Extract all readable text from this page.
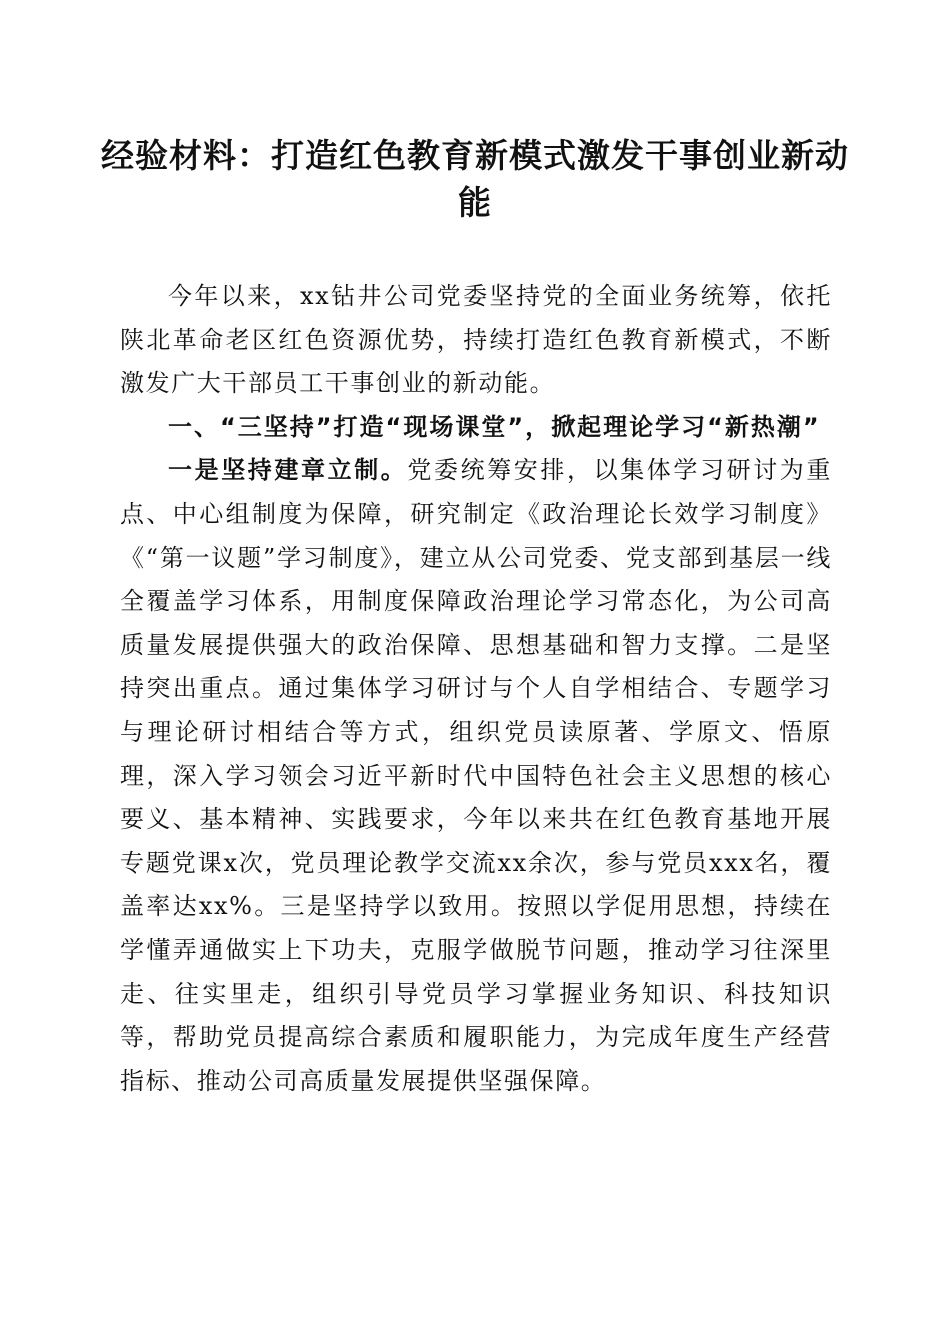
经验材料：打造红色教育新模式激发干事创业新动能

今年以来，xx钻井公司党委坚持党的全面业务统筹，依托陕北革命老区红色资源优势，持续打造红色教育新模式，不断激发广大干部员工干事创业的新动能。

一、“三坚持”打造“现场课堂”，掀起理论学习“新热潮”

一是坚持建章立制。党委统筹安排，以集体学习研讨为重点、中心组制度为保障，研究制定《政治理论长效学习制度》《“第一议题”学习制度》，建立从公司党委、党支部到基层一线全覆盖学习体系，用制度保障政治理论学习常态化，为公司高质量发展提供强大的政治保障、思想基础和智力支撑。二是坚持突出重点。通过集体学习研讨与个人自学相结合、专题学习与理论研讨相结合等方式，组织党员读原著、学原文、悟原理，深入学习领会习近平新时代中国特色社会主义思想的核心要义、基本精神、实践要求，今年以来共在红色教育基地开展专题党课x次，党员理论教学交流xx余次，参与党员xxx名，覆盖率达xx%。三是坚持学以致用。按照以学促用思想，持续在学懂弄通做实上下功夫，克服学做脱节问题，推动学习往深里走、往实里走，组织引导党员学习掌握业务知识、科技知识等，帮助党员提高综合素质和履职能力，为完成年度生产经营指标、推动公司高质量发展提供坚强保障。
